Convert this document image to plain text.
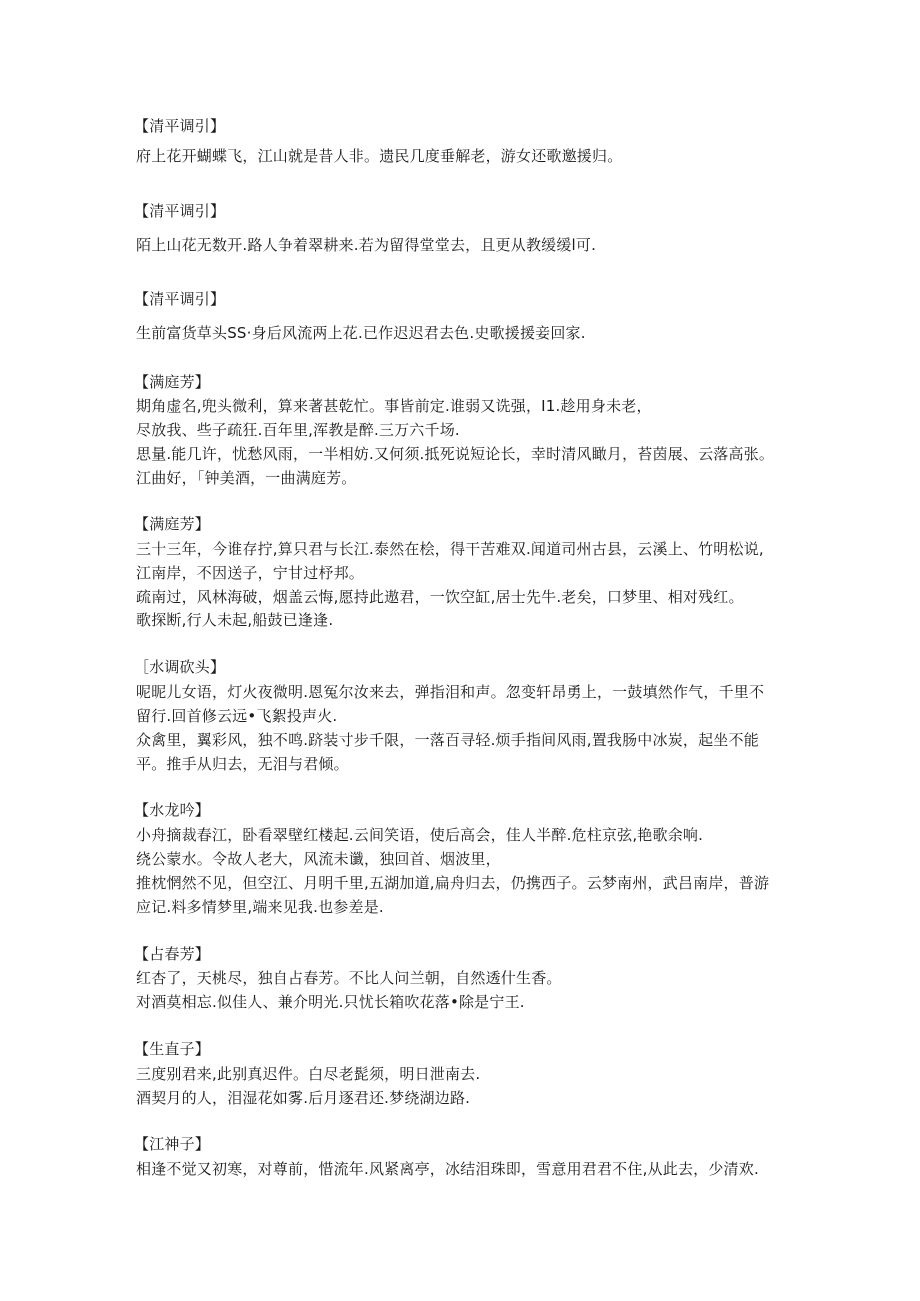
【清平调引】
府上花开蝴蝶飞，江山就是昔人非。遗民几度垂解老，游女还歌邀援归。
【清平调引】
陌上山花无数开.路人争着翠耕来.若为留得堂堂去，且更从教缓缓l可.
【清平调引】
生前富货草头SS·身后风流两上花.已作迟迟君去色.史歌援援妾回家.
【满庭芳】
期角虚名,兜头微利，算来著甚乾忙。事皆前定.谁弱又诜强，I1.趁用身未老，
尽放我、些子疏狂.百年里,浑教是醉.三万六千场.
思量.能几许，忧愁风雨，一半相妨.又何须.抵死说短论长，幸时清风瞰月，苔茵展、云落高张。
江曲好，「钟美酒，一曲满庭芳。
【满庭芳】
三十三年，今谁存拧,算只君与长江.泰然在桧，得干苦难双.闻道司州古县，云溪上、竹明松说,
江南岸，不因送子，宁甘过杼邦。
疏南过，风林海破，烟盖云悔,愿持此遨君，一饮空缸,居士先牛.老矣，口梦里、相对残红。
歌探断,行人未起,船鼓已逢逢.
［水调砍头】
呢昵儿女语，灯火夜微明.恩冤尔汝来去，弹指泪和声。忽变轩昂勇上，一鼓填然作气，千里不
留行.回首修云远•飞絮投声火.
众禽里，翼彩风，独不鸣.跻装寸步千限，一落百寻轻.烦手指间风雨,置我肠中冰炭，起坐不能
平。推手从归去，无泪与君倾。
【水龙吟】
小舟摘裁春江，卧看翠壁红楼起.云间笑语，使后高会，佳人半醉.危柱京弦,艳歌余响.
绕公蒙水。令故人老大，风流未谶，独回首、烟波里，
推枕惘然不见，但空江、月明千里,五湖加道,扁舟归去，仍携西子。云梦南州，武吕南岸，普游
应记.料多情梦里,端来见我.也参差是.
【占春芳】
红杏了，天桃尽，独自占春芳。不比人问兰朝，自然透什生香。
对酒莫相忘.似佳人、兼介明光.只忧长箱吹花落•除是宁王.
【生直子】
三度别君来,此别真迟件。白尽老髭须，明日泄南去.
酒契月的人，泪湿花如雾.后月逐君还.梦绕湖边路.
【江神子】
相逢不觉又初寒，对尊前，惜流年.风紧离亭，冰结泪珠即，雪意用君君不住,从此去，少清欢.
